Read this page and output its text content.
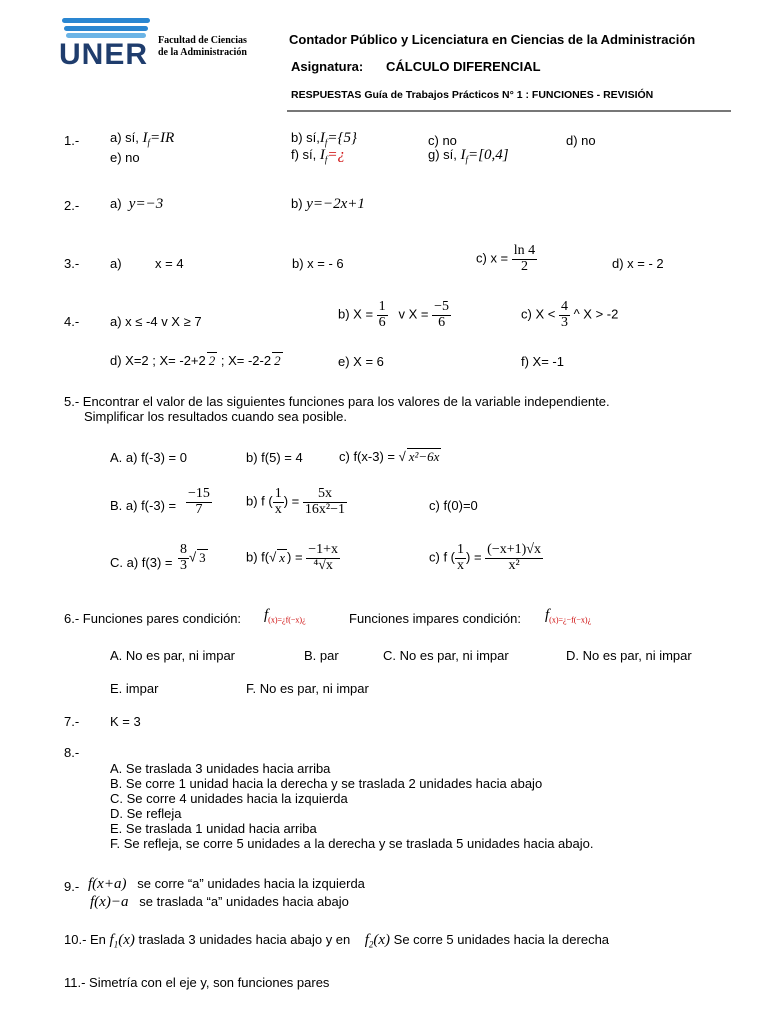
UNER Facultad de Ciencias
de la Administración
Contador Público y Licenciatura en Ciencias de la Administración
Asignatura: CÁLCULO DIFERENCIAL
RESPUESTAS Guía de Trabajos Prácticos N° 1 : FUNCIONES - REVISIÓN
1.- a) sí, $I_f=IR$	b) $sí,I_f=\{5\}$	c) no	d) no
e) no	f) sí, $I_f=¿$	g) sí, $I_f=[0,4]$
2.- a) y=−3	b) y=−2x+1
3.- a)	x = 4	b) x = - 6	c) $x = \frac{\ln 4}{2}$	d) x = - 2
4.- a) x ≤ -4 v X ≥ 7	b) $X = \frac{1}{6}$ v $X = \frac{-5}{6}$	c) $X < \frac{4}{3}$ ^ X > -2
d) X=2 ; X= -2+2 2 ; X= -2-2 2	e) X = 6	f) X= -1
5.- Encontrar el valor de las siguientes funciones para los valores de la variable independiente.
Simplificar los resultados cuando sea posible.
A. a) f(-3) = 0	b) f(5) = 4	c) f(x-3) = √ x²−6x
B. a) $f(-3) = \frac{-15}{7}$	b) f ( $\frac{1}{x}$ ) = $\frac{5x}{\text{16x²−1}}$	c) f(0)=0
C. a) $f(3) = \frac{8}{3}$ √ 3	b) f(√ x ) = $\frac{-1+x}{\text{⁴√x}}$	c) f ( $\frac{1}{x}$ ) = $\frac{(-x+1)√x}{\text{x²}}$
6.- Funciones pares condición: $f_{(x)=¿f(-x)¿}$	Funciones impares condición: $f_{(x)=¿-f(-x)¿}$
A. No es par, ni impar	B. par	C. No es par, ni impar	D. No es par, ni impar
E. impar	F. No es par, ni impar
7.- K = 3
8.-
A. Se traslada 3 unidades hacia arriba
B. Se corre 1 unidad hacia la derecha y se traslada 2 unidades hacia abajo
C. Se corre 4 unidades hacia la izquierda
D. Se refleja
E. Se traslada 1 unidad hacia arriba
F. Se refleja, se corre 5 unidades a la derecha y se traslada 5 unidades hacia abajo.
9.- f(x+a) se corre “a” unidades hacia la izquierda
f(x)−a se traslada “a” unidades hacia abajo
10.- En $f_1(x)$ traslada 3 unidades hacia abajo y en $f_2(x)$ Se corre 5 unidades hacia la derecha
11.- Simetría con el eje y, son funciones pares
